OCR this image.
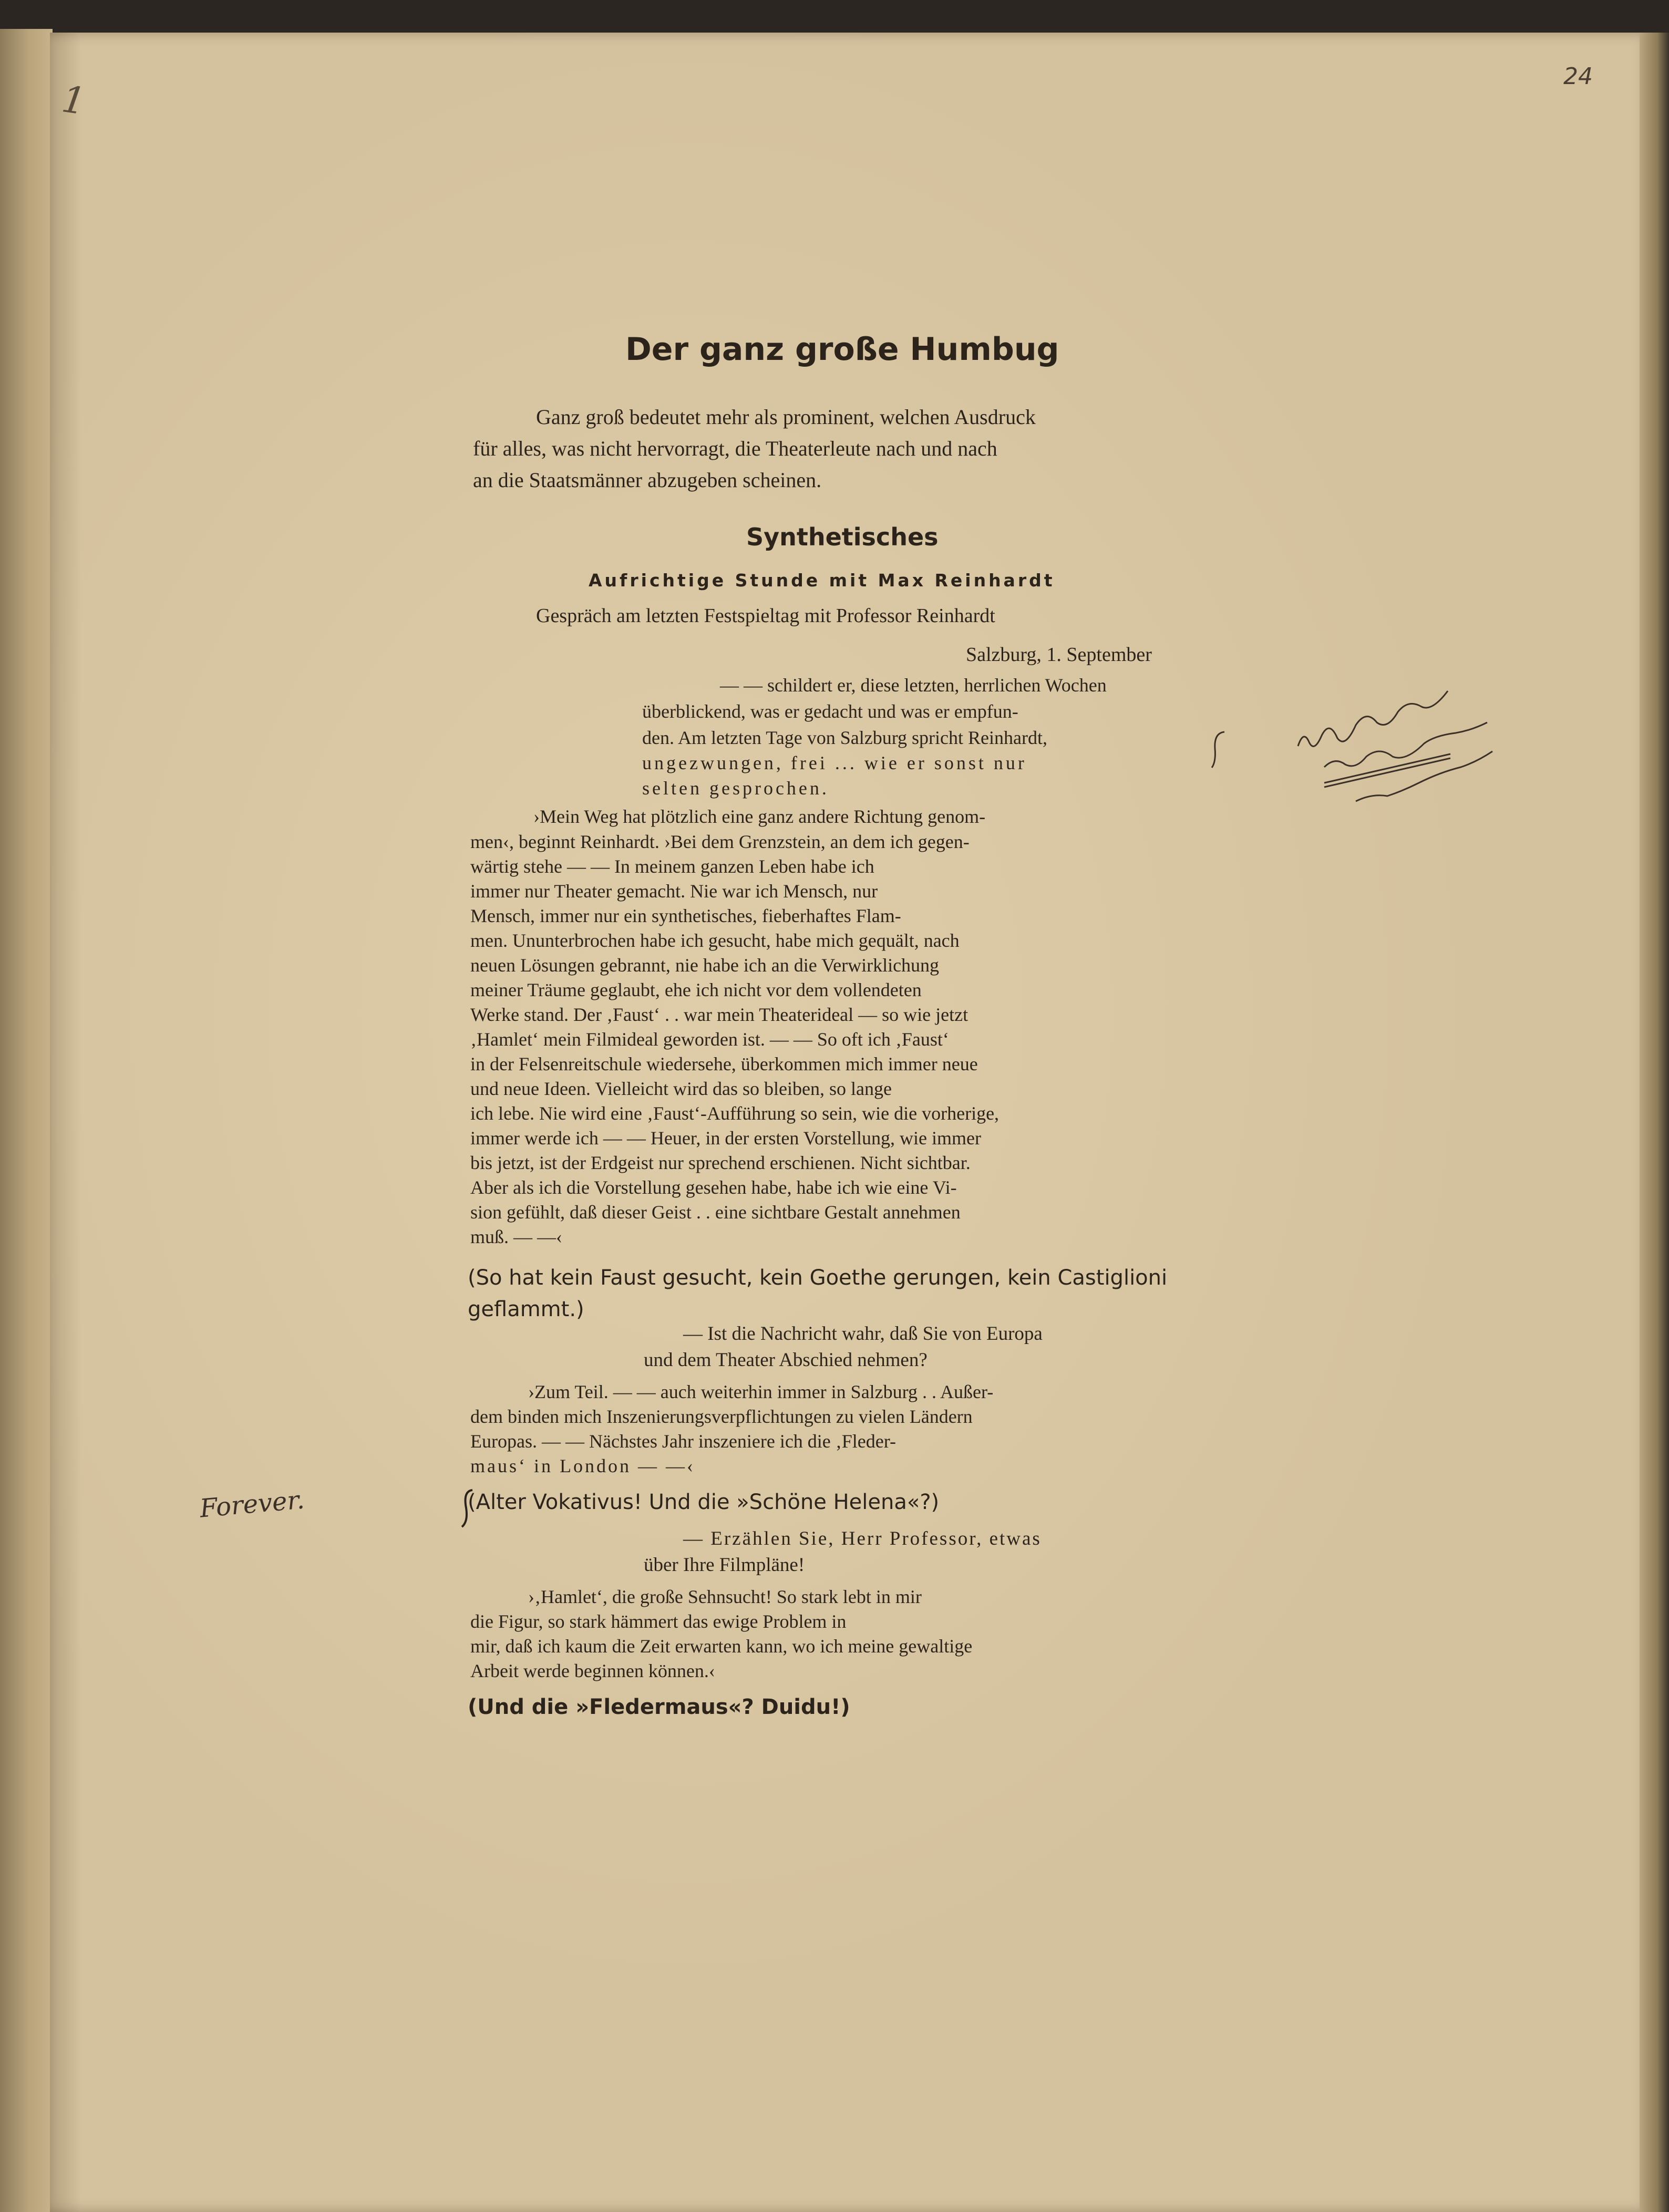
24
1
Der ganz große Humbug
Ganz groß bedeutet mehr als prominent, welchen Ausdruck
für alles, was nicht hervorragt, die Theaterleute nach und nach
an die Staatsmänner abzugeben scheinen.
Synthetisches
Aufrichtige Stunde mit Max Reinhardt
Gespräch am letzten Festspieltag mit Professor Reinhardt
Salzburg, 1. September
— — schildert er, diese letzten, herrlichen Wochen
überblickend, was er gedacht und was er empfun-
den. Am letzten Tage von Salzburg spricht Reinhardt,
ungezwungen, frei ... wie er sonst nur
selten gesprochen.
›Mein Weg hat plötzlich eine ganz andere Richtung genom-
men‹, beginnt Reinhardt. ›Bei dem Grenzstein, an dem ich gegen-
wärtig stehe — — In meinem ganzen Leben habe ich
immer nur Theater gemacht. Nie war ich Mensch, nur
Mensch, immer nur ein synthetisches, fieberhaftes Flam-
men. Ununterbrochen habe ich gesucht, habe mich gequält, nach
neuen Lösungen gebrannt, nie habe ich an die Verwirklichung
meiner Träume geglaubt, ehe ich nicht vor dem vollendeten
Werke stand. Der ‚Faust‘ . . war mein Theaterideal — so wie jetzt
‚Hamlet‘ mein Filmideal geworden ist. — — So oft ich ‚Faust‘
in der Felsenreitschule wiedersehe, überkommen mich immer neue
und neue Ideen. Vielleicht wird das so bleiben, so lange
ich lebe. Nie wird eine ‚Faust‘-Aufführung so sein, wie die vorherige,
immer werde ich — — Heuer, in der ersten Vorstellung, wie immer
bis jetzt, ist der Erdgeist nur sprechend erschienen. Nicht sichtbar.
Aber als ich die Vorstellung gesehen habe, habe ich wie eine Vi-
sion gefühlt, daß dieser Geist . . eine sichtbare Gestalt annehmen
muß. — —‹
(So hat kein Faust gesucht, kein Goethe gerungen, kein Castiglioni
geflammt.)
— Ist die Nachricht wahr, daß Sie von Europa
und dem Theater Abschied nehmen?
›Zum Teil. — — auch weiterhin immer in Salzburg . . Außer-
dem binden mich Inszenierungsverpflichtungen zu vielen Ländern
Europas. — — Nächstes Jahr inszeniere ich die ‚Fleder-
maus‘ in London — —‹
(Alter Vokativus! Und die »Schöne Helena«?)
— Erzählen Sie, Herr Professor, etwas
über Ihre Filmpläne!
›‚Hamlet‘, die große Sehnsucht! So stark lebt in mir
die Figur, so stark hämmert das ewige Problem in
mir, daß ich kaum die Zeit erwarten kann, wo ich meine gewaltige
Arbeit werde beginnen können.‹
(Und die »Fledermaus«? Duidu!)
Forever.
